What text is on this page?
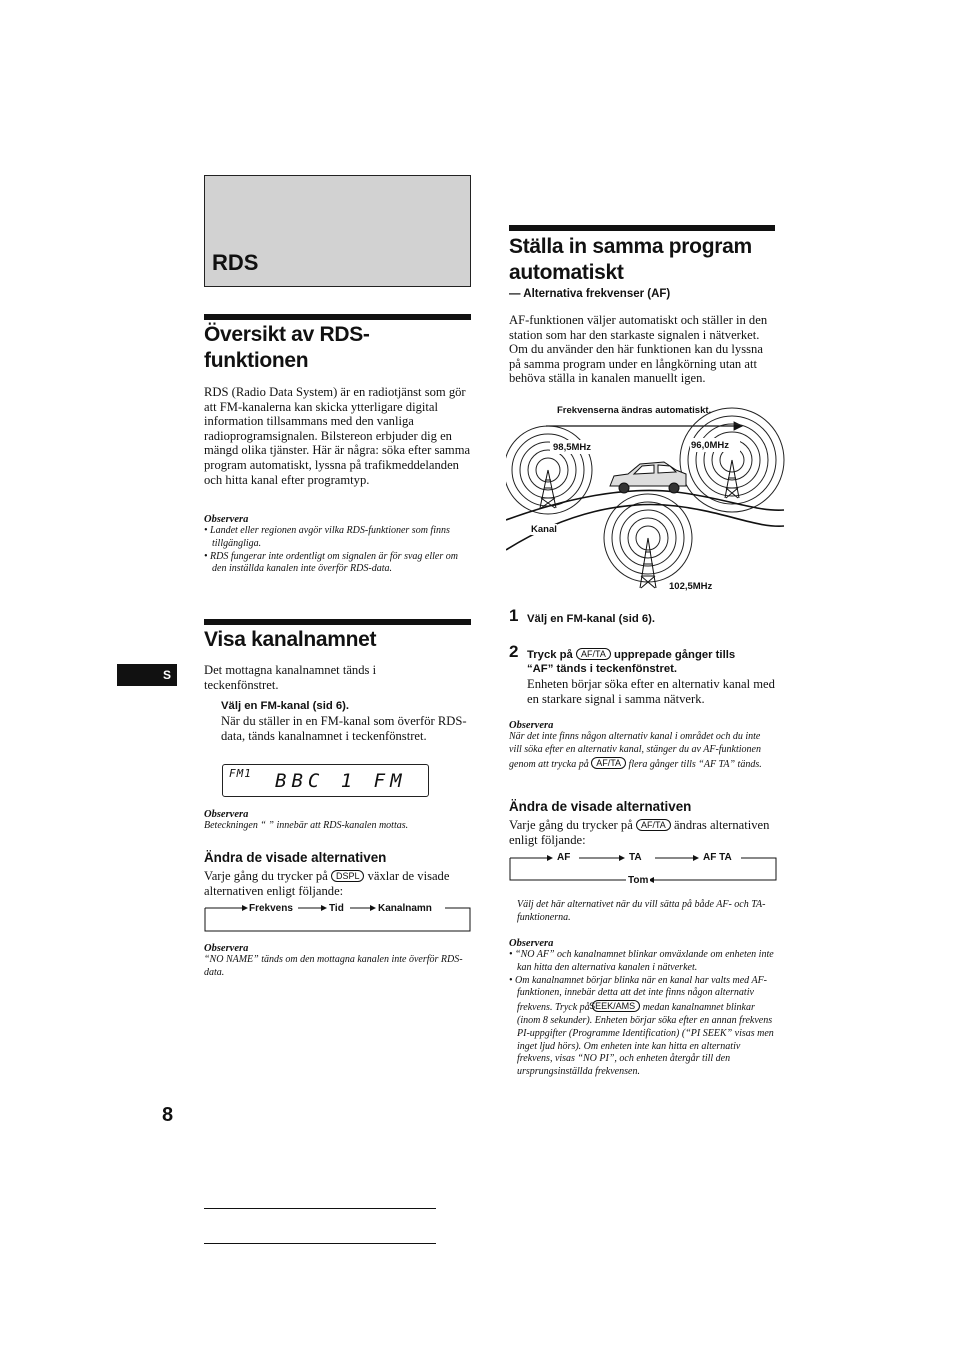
RDS
Översikt av RDS-
funktionen

RDS (Radio Data System) är en radiotjänst som gör att FM-kanalerna kan skicka ytterligare digital information tillsammans med den vanliga radioprogramsignalen. Bilstereon erbjuder dig en mängd olika tjänster. Här är några: söka efter samma program automatiskt, lyssna på trafikmeddelanden och hitta kanal efter programtyp.

Observera
• Landet eller regionen avgör vilka RDS-funktioner som finns tillgängliga.
• RDS fungerar inte ordentligt om signalen är för svag eller om den inställda kanalen inte överför RDS-data.
Visa kanalnamnet

Det mottagna kanalnamnet tänds i teckenfönstret.

Välj en FM-kanal (sid 6).

När du ställer in en FM-kanal som överför RDS-data, tänds kanalnamnet i teckenfönstret.

FM1 BBC 1 FM
Observera
Beteckningen “ ” innebär att RDS-kanalen mottas.
Ändra de visade alternativen

Varje gång du trycker på DSPL växlar de visade alternativen enligt följande:

Frekvens	Tid	Kanalnamn
Observera
“NO NAME” tänds om den mottagna kanalen inte överför RDS-data.
S
8
Ställa in samma program
automatiskt
— Alternativa frekvenser (AF)

AF-funktionen väljer automatiskt och ställer in den station som har den starkaste signalen i nätverket. Om du använder den här funktionen kan du lyssna på samma program under en långkörning utan att behöva ställa in kanalen manuellt igen.

Frekvenserna ändras automatiskt.
98,5MHz	96,0MHz
Kanal
102,5MHz
1 Välj en FM-kanal (sid 6).
2 Tryck på AF/TA upprepade gånger tills
“AF” tänds i teckenfönstret.

Enheten börjar söka efter en alternativ kanal med en starkare signal i samma nätverk.

Observera
När det inte finns någon alternativ kanal i området och du inte vill söka efter en alternativ kanal, stänger du av AF-funktionen genom att trycka på AF/TA flera gånger tills “AF TA” tänds.
Ändra de visade alternativen

Varje gång du trycker på AF/TA ändras alternativen enligt följande:

AF	TA	AF TA
Tom

Välj det här alternativet när du vill sätta på både AF- och TA-funktionerna.

Observera
• “NO AF” och kanalnamnet blinkar omväxlande om enheten inte kan hitta den alternativa kanalen i nätverket.
• Om kanalnamnet börjar blinka när en kanal har valts med AF-funktionen, innebär detta att det inte finns någon alternativ frekvens. Tryck på SEEK/AMS medan kanalnamnet blinkar (inom 8 sekunder). Enheten börjar söka efter en annan frekvens PI-uppgifter (Programme Identification) (“PI SEEK” visas men inget ljud hörs). Om enheten inte kan hitta en alternativ frekvens, visas “NO PI”, och enheten återgår till den ursprungsinställda frekvensen.
